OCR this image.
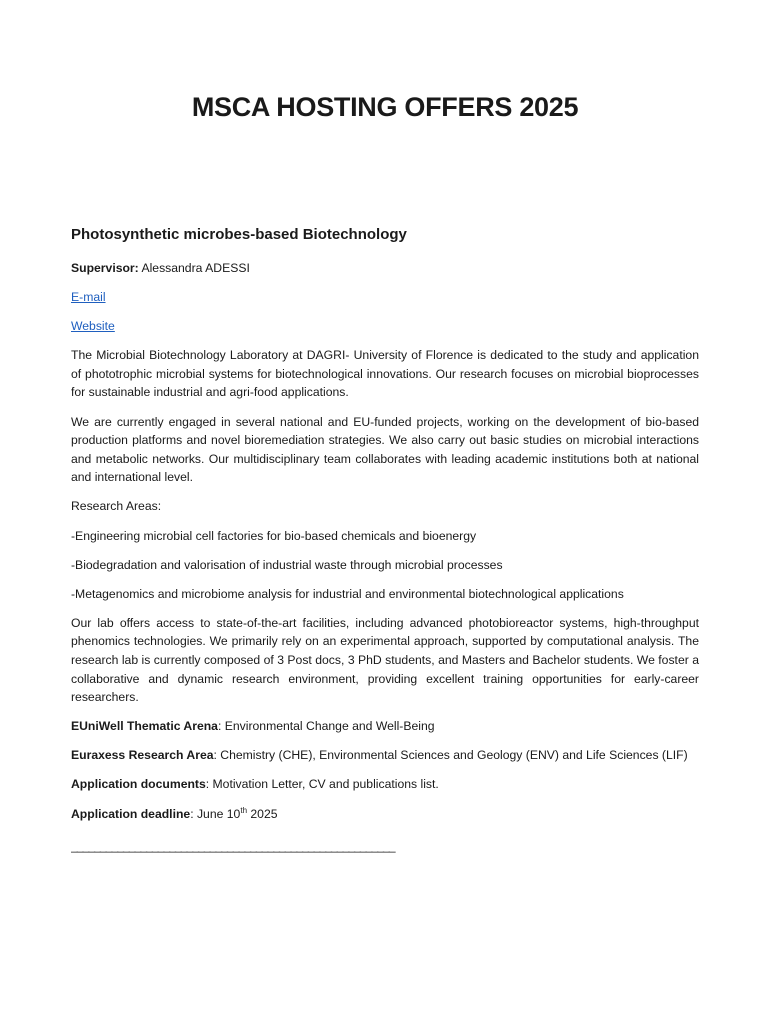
MSCA HOSTING OFFERS 2025
Photosynthetic microbes-based Biotechnology

Supervisor: Alessandra ADESSI

E-mail

Website

The Microbial Biotechnology Laboratory at DAGRI- University of Florence is dedicated to the study and application of phototrophic microbial systems for biotechnological innovations. Our research focuses on microbial bioprocesses for sustainable industrial and agri-food applications.

We are currently engaged in several national and EU-funded projects, working on the development of bio-based production platforms and novel bioremediation strategies. We also carry out basic studies on microbial interactions and metabolic networks. Our multidisciplinary team collaborates with leading academic institutions both at national and international level.

Research Areas:

-Engineering microbial cell factories for bio-based chemicals and bioenergy

-Biodegradation and valorisation of industrial waste through microbial processes

-Metagenomics and microbiome analysis for industrial and environmental biotechnological applications

Our lab offers access to state-of-the-art facilities, including advanced photobioreactor systems, high-throughput phenomics technologies. We primarily rely on an experimental approach, supported by computational analysis. The research lab is currently composed of 3 Post docs, 3 PhD students, and Masters and Bachelor students. We foster a collaborative and dynamic research environment, providing excellent training opportunities for early-career researchers.

EUniWell Thematic Arena: Environmental Change and Well-Being

Euraxess Research Area: Chemistry (CHE), Environmental Sciences and Geology (ENV) and Life Sciences (LIF)

Application documents: Motivation Letter, CV and publications list.

Application deadline: June 10th 2025

________________________________________________________
